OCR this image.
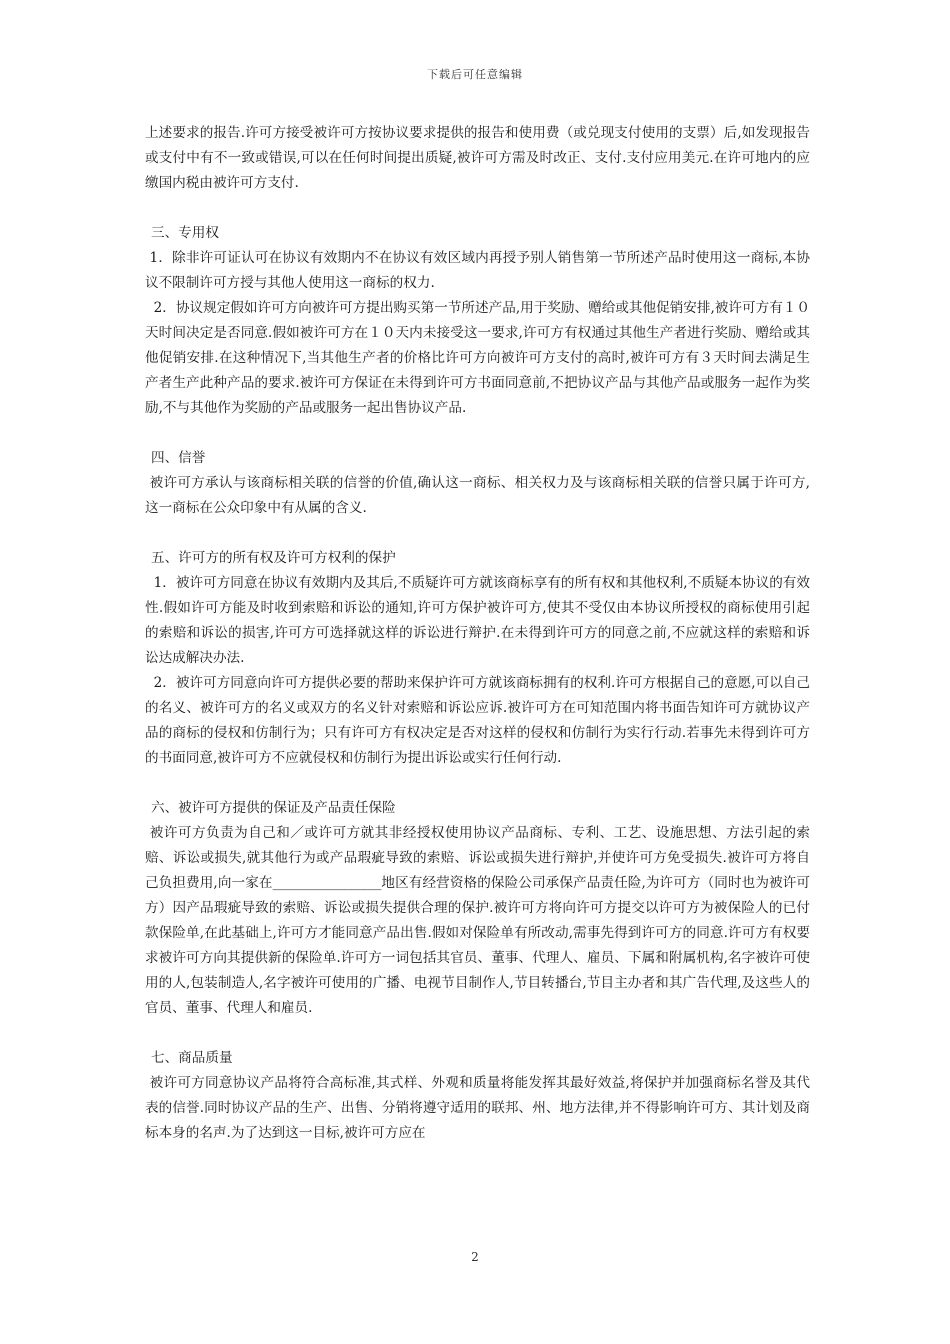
下载后可任意编辑

上述要求的报告.许可方接受被许可方按协议要求提供的报告和使用费（或兑现支付使用的支票）后,如发现报告或支付中有不一致或错误,可以在任何时间提出质疑,被许可方需及时改正、支付.支付应用美元.在许可地内的应缴国内税由被许可方支付.

三、专用权

1．除非许可证认可在协议有效期内不在协议有效区域内再授予别人销售第一节所述产品时使用这一商标,本协议不限制许可方授与其他人使用这一商标的权力.

2．协议规定假如许可方向被许可方提出购买第一节所述产品,用于奖励、赠给或其他促销安排,被许可方有１０天时间决定是否同意.假如被许可方在１０天内未接受这一要求,许可方有权通过其他生产者进行奖励、赠给或其他促销安排.在这种情况下,当其他生产者的价格比许可方向被许可方支付的高时,被许可方有３天时间去满足生产者生产此种产品的要求.被许可方保证在未得到许可方书面同意前,不把协议产品与其他产品或服务一起作为奖励,不与其他作为奖励的产品或服务一起出售协议产品.

四、信誉

被许可方承认与该商标相关联的信誉的价值,确认这一商标、相关权力及与该商标相关联的信誉只属于许可方,这一商标在公众印象中有从属的含义.

五、许可方的所有权及许可方权利的保护

1．被许可方同意在协议有效期内及其后,不质疑许可方就该商标享有的所有权和其他权利,不质疑本协议的有效性.假如许可方能及时收到索赔和诉讼的通知,许可方保护被许可方,使其不受仅由本协议所授权的商标使用引起的索赔和诉讼的损害,许可方可选择就这样的诉讼进行辩护.在未得到许可方的同意之前,不应就这样的索赔和诉讼达成解决办法.

2．被许可方同意向许可方提供必要的帮助来保护许可方就该商标拥有的权利.许可方根据自己的意愿,可以自己的名义、被许可方的名义或双方的名义针对索赔和诉讼应诉.被许可方在可知范围内将书面告知许可方就协议产品的商标的侵权和仿制行为；只有许可方有权决定是否对这样的侵权和仿制行为实行行动.若事先未得到许可方的书面同意,被许可方不应就侵权和仿制行为提出诉讼或实行任何行动.

六、被许可方提供的保证及产品责任保险

被许可方负责为自己和／或许可方就其非经授权使用协议产品商标、专利、工艺、设施思想、方法引起的索赔、诉讼或损失,就其他行为或产品瑕疵导致的索赔、诉讼或损失进行辩护,并使许可方免受损失.被许可方将自己负担费用,向一家在________________地区有经营资格的保险公司承保产品责任险,为许可方（同时也为被许可方）因产品瑕疵导致的索赔、诉讼或损失提供合理的保护.被许可方将向许可方提交以许可方为被保险人的已付款保险单,在此基础上,许可方才能同意产品出售.假如对保险单有所改动,需事先得到许可方的同意.许可方有权要求被许可方向其提供新的保险单.许可方一词包括其官员、董事、代理人、雇员、下属和附属机构,名字被许可使用的人,包装制造人,名字被许可使用的广播、电视节目制作人,节目转播台,节目主办者和其广告代理,及这些人的官员、董事、代理人和雇员.

七、商品质量

被许可方同意协议产品将符合高标准,其式样、外观和质量将能发挥其最好效益,将保护并加强商标名誉及其代表的信誉.同时协议产品的生产、出售、分销将遵守适用的联邦、州、地方法律,并不得影响许可方、其计划及商标本身的名声.为了达到这一目标,被许可方应在

2
